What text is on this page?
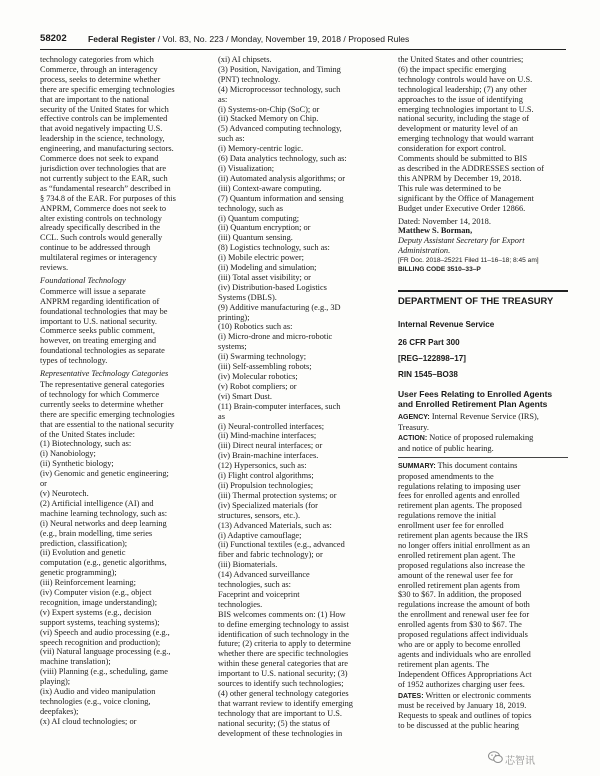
58202 Federal Register / Vol. 83, No. 223 / Monday, November 19, 2018 / Proposed Rules
technology categories from which
Commerce, through an interagency
process, seeks to determine whether
there are specific emerging technologies
that are important to the national
security of the United States for which
effective controls can be implemented
that avoid negatively impacting U.S.
leadership in the science, technology,
engineering, and manufacturing sectors.
Commerce does not seek to expand
jurisdiction over technologies that are
not currently subject to the EAR, such
as “fundamental research” described in
§ 734.8 of the EAR. For purposes of this
ANPRM, Commerce does not seek to
alter existing controls on technology
already specifically described in the
CCL. Such controls would generally
continue to be addressed through
multilateral regimes or interagency
reviews.
Foundational Technology
Commerce will issue a separate
ANPRM regarding identification of
foundational technologies that may be
important to U.S. national security.
Commerce seeks public comment,
however, on treating emerging and
foundational technologies as separate
types of technology.
Representative Technology Categories
The representative general categories
of technology for which Commerce
currently seeks to determine whether
there are specific emerging technologies
that are essential to the national security
of the United States include:
(1) Biotechnology, such as:
(i) Nanobiology;
(ii) Synthetic biology;
(iv) Genomic and genetic engineering;
or
(v) Neurotech.
(2) Artificial intelligence (AI) and
machine learning technology, such as:
(i) Neural networks and deep learning
(e.g., brain modelling, time series
prediction, classification);
(ii) Evolution and genetic
computation (e.g., genetic algorithms,
genetic programming);
(iii) Reinforcement learning;
(iv) Computer vision (e.g., object
recognition, image understanding);
(v) Expert systems (e.g., decision
support systems, teaching systems);
(vi) Speech and audio processing (e.g.,
speech recognition and production);
(vii) Natural language processing (e.g.,
machine translation);
(viii) Planning (e.g., scheduling, game
playing);
(ix) Audio and video manipulation
technologies (e.g., voice cloning,
deepfakes);
(x) AI cloud technologies; or
(xi) AI chipsets.
(3) Position, Navigation, and Timing
(PNT) technology.
(4) Microprocessor technology, such
as:
(i) Systems-on-Chip (SoC); or
(ii) Stacked Memory on Chip.
(5) Advanced computing technology,
such as:
(i) Memory-centric logic.
(6) Data analytics technology, such as:
(i) Visualization;
(ii) Automated analysis algorithms; or
(iii) Context-aware computing.
(7) Quantum information and sensing
technology, such as
(i) Quantum computing;
(ii) Quantum encryption; or
(iii) Quantum sensing.
(8) Logistics technology, such as:
(i) Mobile electric power;
(ii) Modeling and simulation;
(iii) Total asset visibility; or
(iv) Distribution-based Logistics
Systems (DBLS).
(9) Additive manufacturing (e.g., 3D
printing);
(10) Robotics such as:
(i) Micro-drone and micro-robotic
systems;
(ii) Swarming technology;
(iii) Self-assembling robots;
(iv) Molecular robotics;
(v) Robot compliers; or
(vi) Smart Dust.
(11) Brain-computer interfaces, such
as
(i) Neural-controlled interfaces;
(ii) Mind-machine interfaces;
(iii) Direct neural interfaces; or
(iv) Brain-machine interfaces.
(12) Hypersonics, such as:
(i) Flight control algorithms;
(ii) Propulsion technologies;
(iii) Thermal protection systems; or
(iv) Specialized materials (for
structures, sensors, etc.).
(13) Advanced Materials, such as:
(i) Adaptive camouflage;
(ii) Functional textiles (e.g., advanced
fiber and fabric technology); or
(iii) Biomaterials.
(14) Advanced surveillance
technologies, such as:
Faceprint and voiceprint
technologies.
BIS welcomes comments on: (1) How
to define emerging technology to assist
identification of such technology in the
future; (2) criteria to apply to determine
whether there are specific technologies
within these general categories that are
important to U.S. national security; (3)
sources to identify such technologies;
(4) other general technology categories
that warrant review to identify emerging
technology that are important to U.S.
national security; (5) the status of
development of these technologies in
the United States and other countries;
(6) the impact specific emerging
technology controls would have on U.S.
technological leadership; (7) any other
approaches to the issue of identifying
emerging technologies important to U.S.
national security, including the stage of
development or maturity level of an
emerging technology that would warrant
consideration for export control.
Comments should be submitted to BIS
as described in the ADDRESSES section of
this ANPRM by December 19, 2018.
This rule was determined to be
significant by the Office of Management
Budget under Executive Order 12866.
Dated: November 14, 2018.
Matthew S. Borman,
Deputy Assistant Secretary for Export
Administration.
[FR Doc. 2018–25221 Filed 11–16–18; 8:45 am]
BILLING CODE 3510–33–P
DEPARTMENT OF THE TREASURY
Internal Revenue Service
26 CFR Part 300
[REG–122898–17]
RIN 1545–BO38
User Fees Relating to Enrolled Agents
and Enrolled Retirement Plan Agents
AGENCY: Internal Revenue Service (IRS),
Treasury.
ACTION: Notice of proposed rulemaking
and notice of public hearing.
SUMMARY: This document contains
proposed amendments to the
regulations relating to imposing user
fees for enrolled agents and enrolled
retirement plan agents. The proposed
regulations remove the initial
enrollment user fee for enrolled
retirement plan agents because the IRS
no longer offers initial enrollment as an
enrolled retirement plan agent. The
proposed regulations also increase the
amount of the renewal user fee for
enrolled retirement plan agents from
$30 to $67. In addition, the proposed
regulations increase the amount of both
the enrollment and renewal user fee for
enrolled agents from $30 to $67. The
proposed regulations affect individuals
who are or apply to become enrolled
agents and individuals who are enrolled
retirement plan agents. The
Independent Offices Appropriations Act
of 1952 authorizes charging user fees.
DATES: Written or electronic comments
must be received by January 18, 2019.
Requests to speak and outlines of topics
to be discussed at the public hearing
芯智讯
